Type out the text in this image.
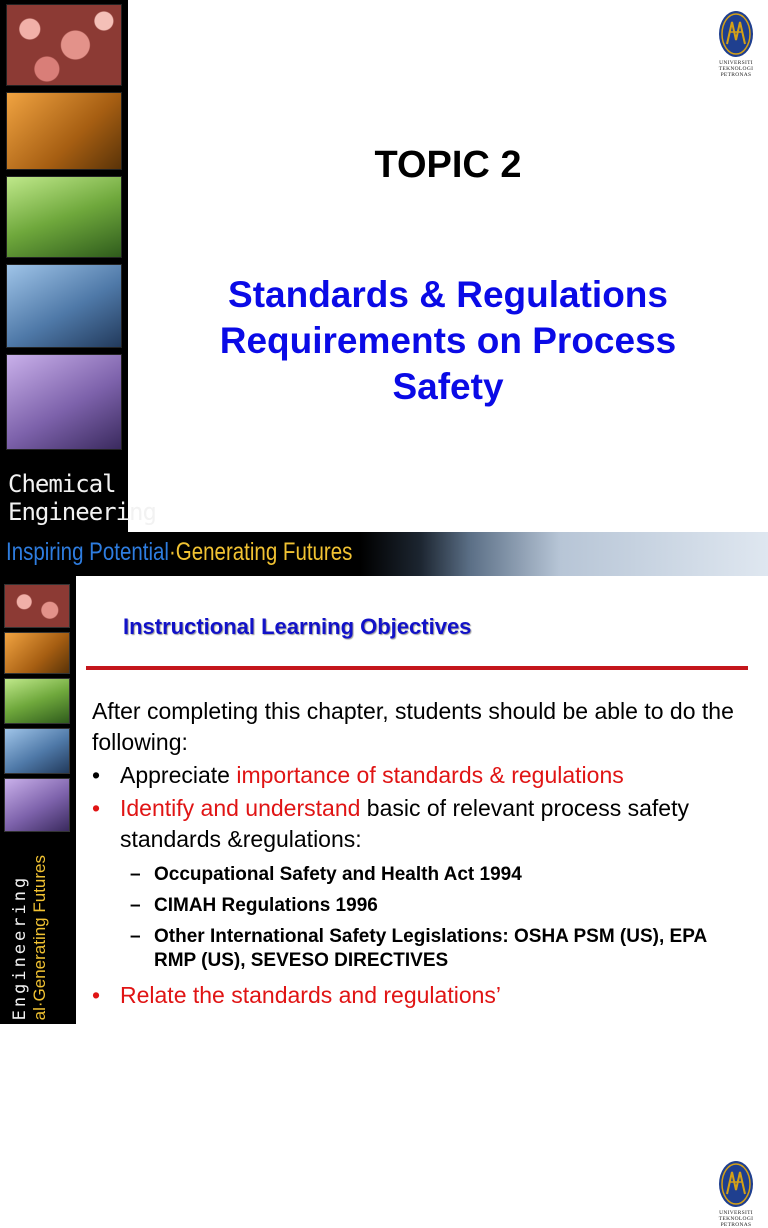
Chemical
Engineering
Inspiring Potential·Generating Futures
UNIVERSITI
TEKNOLOGI
PETRONAS
TOPIC 2
Standards & Regulations
Requirements on Process
Safety
Engineering al·Generating Futures
UNIVERSITI
TEKNOLOGI
PETRONAS
Instructional Learning Objectives
After completing this chapter, students should be able to do the following:
• Appreciate importance of standards & regulations
• Identify and understand basic of relevant process safety standards &regulations:
– Occupational Safety and Health Act 1994
– CIMAH Regulations 1996
– Other International Safety Legislations: OSHA PSM (US), EPA RMP (US), SEVESO DIRECTIVES
• Relate the standards and regulations’
